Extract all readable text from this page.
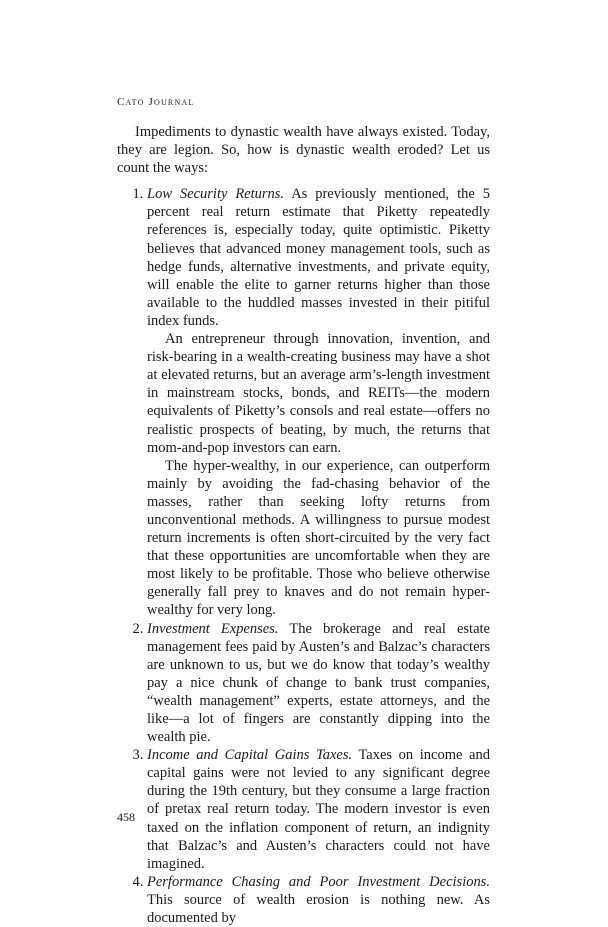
Cato Journal

Impediments to dynastic wealth have always existed. Today, they are legion. So, how is dynastic wealth eroded? Let us count the ways:

1. Low Security Returns. As previously mentioned, the 5 percent real return estimate that Piketty repeatedly references is, especially today, quite optimistic. Piketty believes that advanced money management tools, such as hedge funds, alternative investments, and private equity, will enable the elite to garner returns higher than those available to the huddled masses invested in their pitiful index funds.

An entrepreneur through innovation, invention, and risk-bearing in a wealth-creating business may have a shot at elevated returns, but an average arm’s-length investment in mainstream stocks, bonds, and REITs—the modern equivalents of Piketty’s consols and real estate—offers no realistic prospects of beating, by much, the returns that mom-and-pop investors can earn.

The hyper-wealthy, in our experience, can outperform mainly by avoiding the fad-chasing behavior of the masses, rather than seeking lofty returns from unconventional methods. A willingness to pursue modest return increments is often short-circuited by the very fact that these opportunities are uncomfortable when they are most likely to be profitable. Those who believe otherwise generally fall prey to knaves and do not remain hyper-wealthy for very long.

2. Investment Expenses. The brokerage and real estate management fees paid by Austen’s and Balzac’s characters are unknown to us, but we do know that today’s wealthy pay a nice chunk of change to bank trust companies, “wealth management” experts, estate attorneys, and the like—a lot of fingers are constantly dipping into the wealth pie.

3. Income and Capital Gains Taxes. Taxes on income and capital gains were not levied to any significant degree during the 19th century, but they consume a large fraction of pretax real return today. The modern investor is even taxed on the inflation component of return, an indignity that Balzac’s and Austen’s characters could not have imagined.

4. Performance Chasing and Poor Investment Decisions. This source of wealth erosion is nothing new. As documented by

458
